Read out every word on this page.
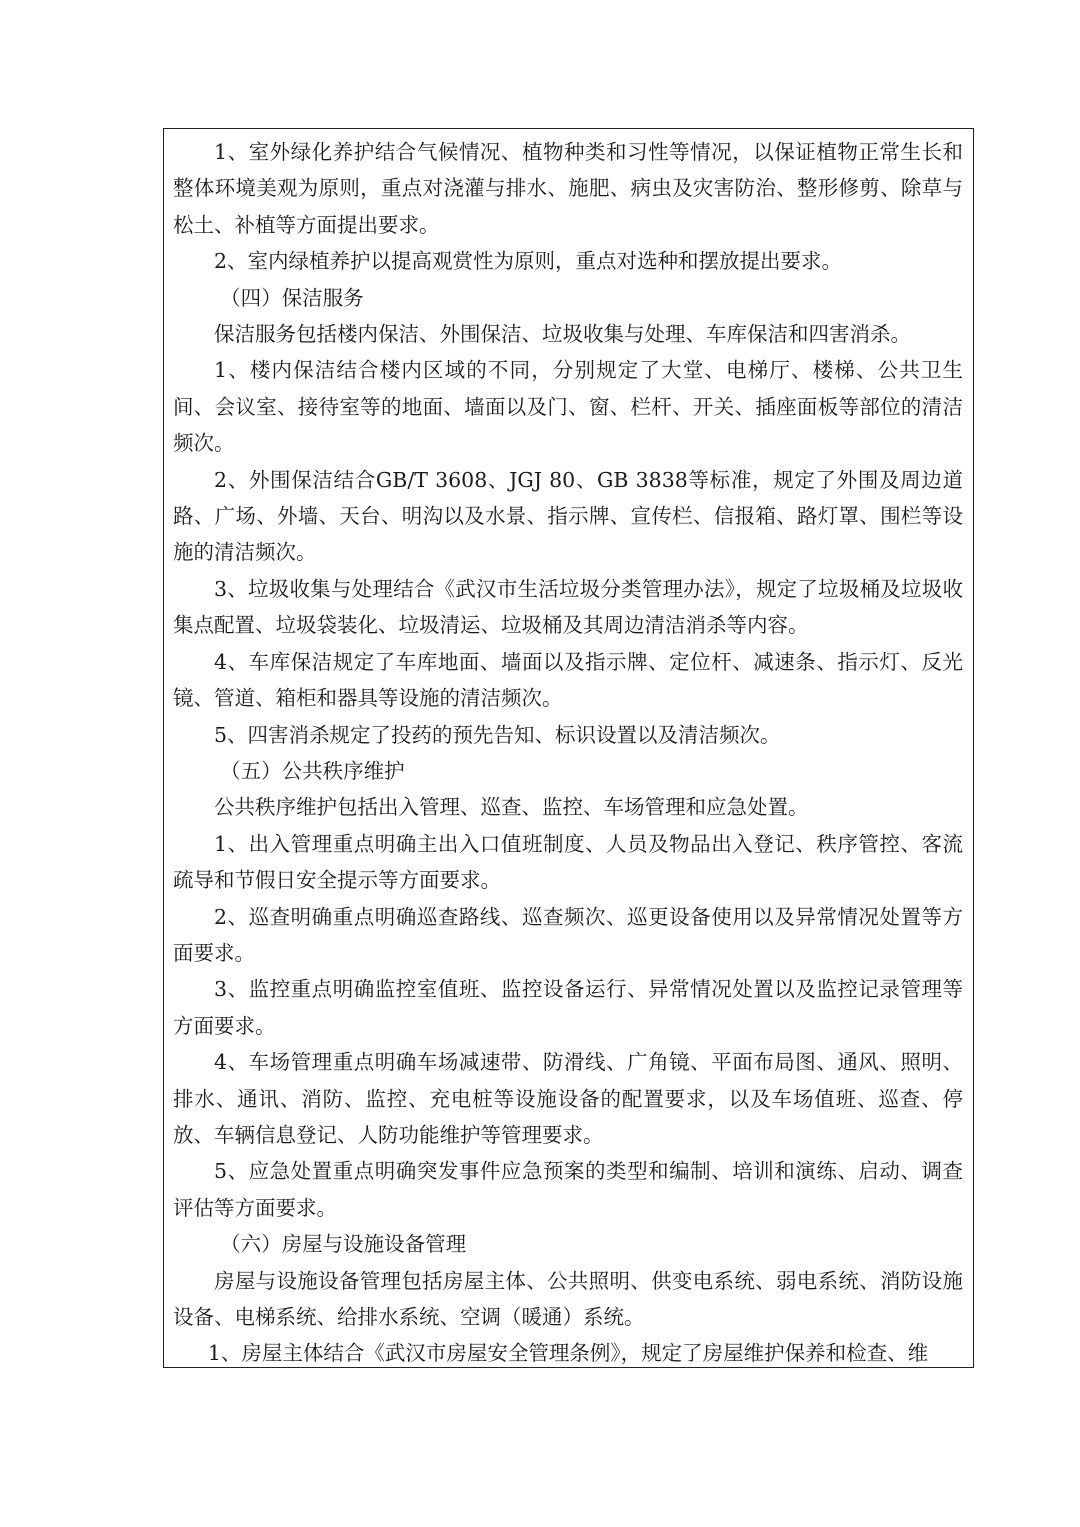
1、室外绿化养护结合气候情况、植物种类和习性等情况，以保证植物正常生长和整体环境美观为原则，重点对浇灌与排水、施肥、病虫及灾害防治、整形修剪、除草与松土、补植等方面提出要求。

2、室内绿植养护以提高观赏性为原则，重点对选种和摆放提出要求。

（四）保洁服务

保洁服务包括楼内保洁、外围保洁、垃圾收集与处理、车库保洁和四害消杀。

1、楼内保洁结合楼内区域的不同，分别规定了大堂、电梯厅、楼梯、公共卫生间、会议室、接待室等的地面、墙面以及门、窗、栏杆、开关、插座面板等部位的清洁频次。

2、外围保洁结合GB/T 3608、JGJ 80、GB 3838等标准，规定了外围及周边道路、广场、外墙、天台、明沟以及水景、指示牌、宣传栏、信报箱、路灯罩、围栏等设施的清洁频次。

3、垃圾收集与处理结合《武汉市生活垃圾分类管理办法》，规定了垃圾桶及垃圾收集点配置、垃圾袋装化、垃圾清运、垃圾桶及其周边清洁消杀等内容。

4、车库保洁规定了车库地面、墙面以及指示牌、定位杆、减速条、指示灯、反光镜、管道、箱柜和器具等设施的清洁频次。

5、四害消杀规定了投药的预先告知、标识设置以及清洁频次。

（五）公共秩序维护

公共秩序维护包括出入管理、巡查、监控、车场管理和应急处置。

1、出入管理重点明确主出入口值班制度、人员及物品出入登记、秩序管控、客流疏导和节假日安全提示等方面要求。

2、巡查明确重点明确巡查路线、巡查频次、巡更设备使用以及异常情况处置等方面要求。

3、监控重点明确监控室值班、监控设备运行、异常情况处置以及监控记录管理等方面要求。

4、车场管理重点明确车场减速带、防滑线、广角镜、平面布局图、通风、照明、排水、通讯、消防、监控、充电桩等设施设备的配置要求，以及车场值班、巡查、停放、车辆信息登记、人防功能维护等管理要求。

5、应急处置重点明确突发事件应急预案的类型和编制、培训和演练、启动、调查评估等方面要求。

（六）房屋与设施设备管理

房屋与设施设备管理包括房屋主体、公共照明、供变电系统、弱电系统、消防设施设备、电梯系统、给排水系统、空调（暖通）系统。

1、房屋主体结合《武汉市房屋安全管理条例》，规定了房屋维护保养和检查、维
